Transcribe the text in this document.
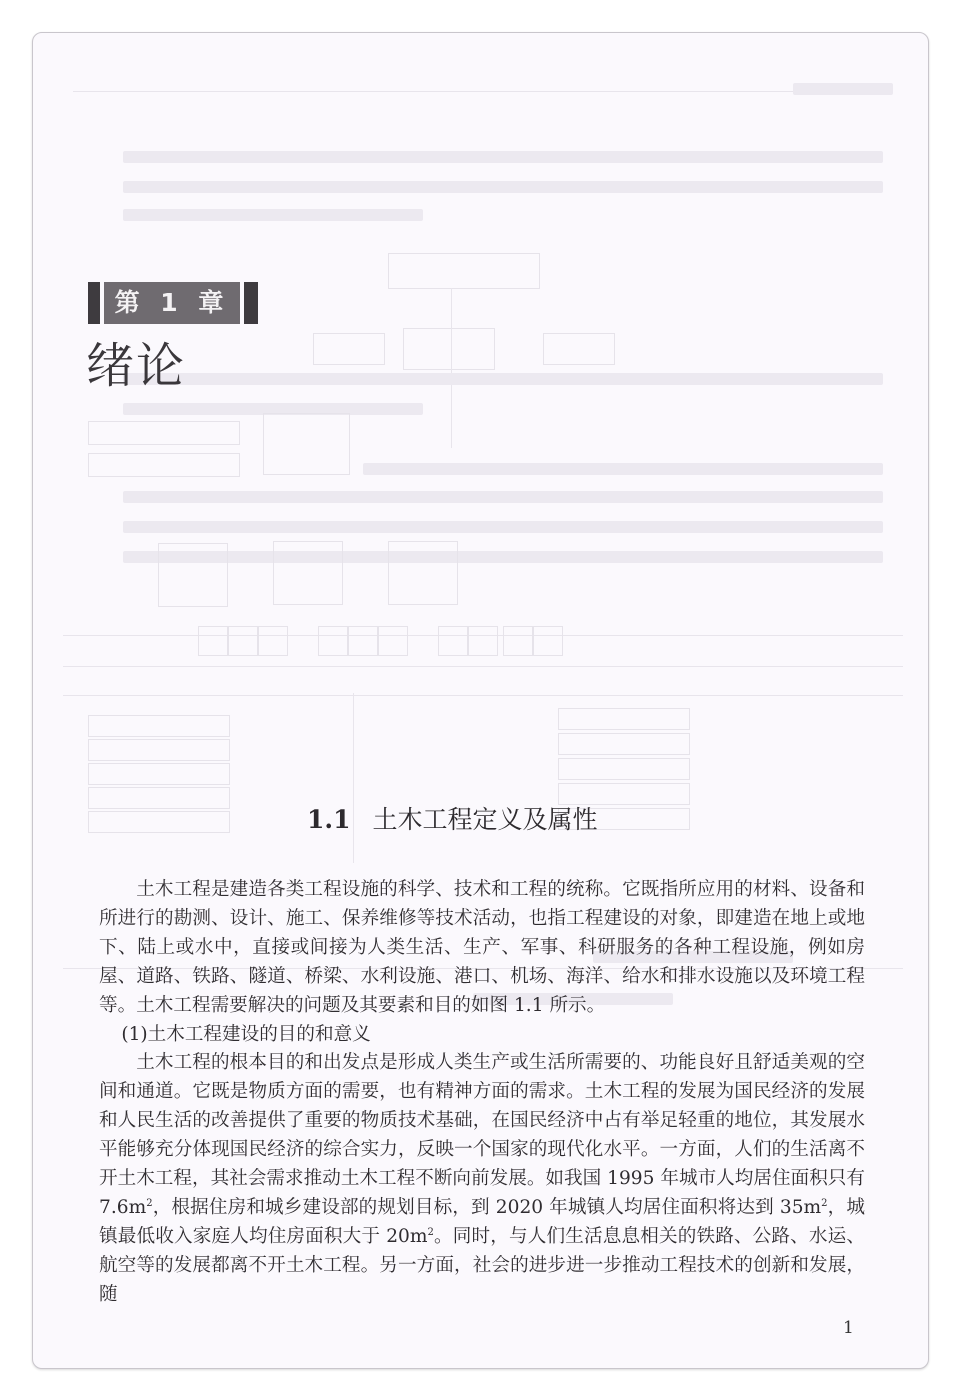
第 1 章
绪论
1.1 土木工程定义及属性

土木工程是建造各类工程设施的科学、技术和工程的统称。它既指所应用的材料、设备和所进行的勘测、设计、施工、保养维修等技术活动，也指工程建设的对象，即建造在地上或地下、陆上或水中，直接或间接为人类生活、生产、军事、科研服务的各种工程设施，例如房屋、道路、铁路、隧道、桥梁、水利设施、港口、机场、海洋、给水和排水设施以及环境工程等。土木工程需要解决的问题及其要素和目的如图 1.1 所示。

(1)土木工程建设的目的和意义

土木工程的根本目的和出发点是形成人类生产或生活所需要的、功能良好且舒适美观的空间和通道。它既是物质方面的需要，也有精神方面的需求。土木工程的发展为国民经济的发展和人民生活的改善提供了重要的物质技术基础，在国民经济中占有举足轻重的地位，其发展水平能够充分体现国民经济的综合实力，反映一个国家的现代化水平。一方面，人们的生活离不开土木工程，其社会需求推动土木工程不断向前发展。如我国 1995 年城市人均居住面积只有 $7.6m^2$，根据住房和城乡建设部的规划目标，到 2020 年城镇人均居住面积将达到 $35m^2$，城镇最低收入家庭人均住房面积大于 $20m^2$。同时，与人们生活息息相关的铁路、公路、水运、航空等的发展都离不开土木工程。另一方面，社会的进步进一步推动工程技术的创新和发展，随

1
